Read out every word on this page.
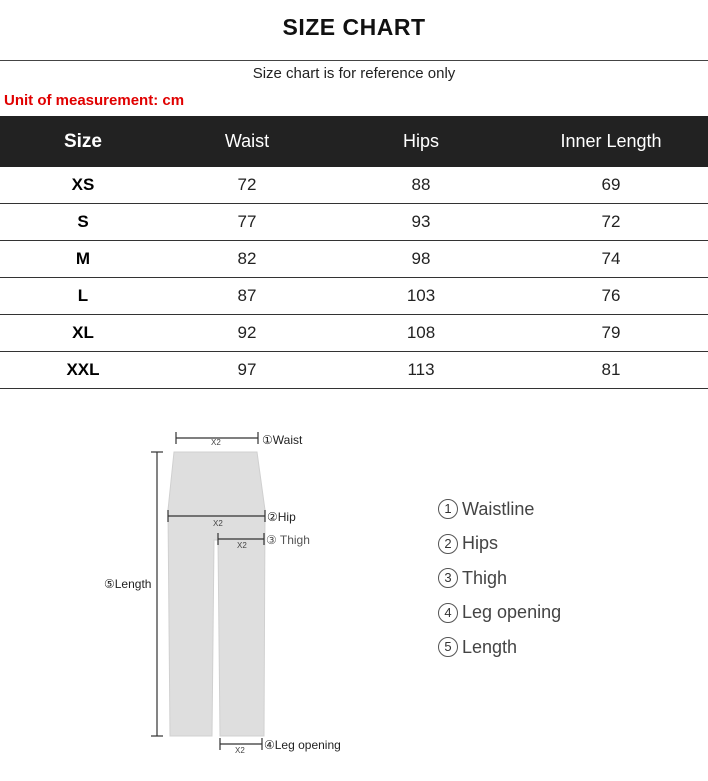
SIZE CHART
Size chart is for reference only
Unit of measurement: cm
Size	Waist	Hips	Inner Length
XS	72	88	69
S	77	93	72
M	82	98	74
L	87	103	76
XL	92	108	79
XXL	97	113	81
X2	①Waist
X2	②Hip
X2 ③ Thigh
⑤Length
X2 ④Leg opening
1 Waistline
2 Hips
3 Thigh
4 Leg opening
5 Length
